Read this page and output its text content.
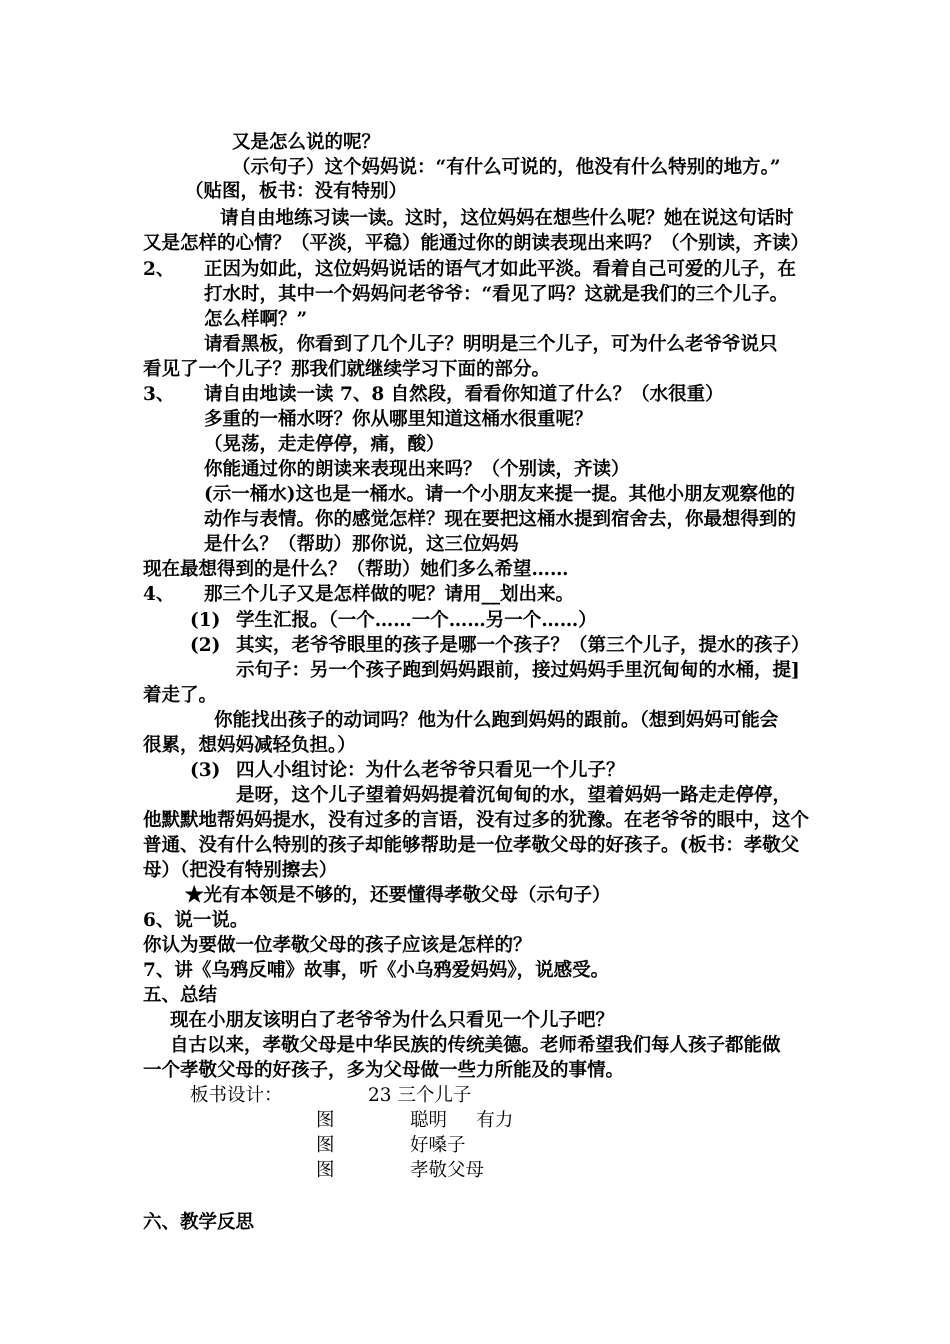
又是怎么说的呢？
（示句子）这个妈妈说：“有什么可说的，他没有什么特别的地方。”
（贴图，板书：没有特别）
请自由地练习读一读。这时，这位妈妈在想些什么呢？她在说这句话时
又是怎样的心情？（平淡，平稳）能通过你的朗读表现出来吗？（个别读，齐读）
2、 正因为如此，这位妈妈说话的语气才如此平淡。看着自己可爱的儿子，在
打水时，其中一个妈妈问老爷爷：“看见了吗？这就是我们的三个儿子。
怎么样啊？”
请看黑板，你看到了几个儿子？明明是三个儿子，可为什么老爷爷说只
看见了一个儿子？那我们就继续学习下面的部分。
3、 请自由地读一读 7、8 自然段，看看你知道了什么？（水很重）
多重的一桶水呀？你从哪里知道这桶水很重呢？
（晃荡，走走停停，痛，酸）
你能通过你的朗读来表现出来吗？（个别读，齐读）
(示一桶水)这也是一桶水。请一个小朋友来提一提。其他小朋友观察他的
动作与表情。你的感觉怎样？现在要把这桶水提到宿舍去，你最想得到的
是什么？（帮助）那你说，这三位妈妈
现在最想得到的是什么？（帮助）她们多么希望……
4、 那三个儿子又是怎样做的呢？请用__划出来。
(1) 学生汇报。（一个……一个……另一个……）
(2) 其实，老爷爷眼里的孩子是哪一个孩子？（第三个儿子，提水的孩子）
示句子：另一个孩子跑到妈妈跟前，接过妈妈手里沉甸甸的水桶，提]
着走了。
你能找出孩子的动词吗？他为什么跑到妈妈的跟前。（想到妈妈可能会
很累，想妈妈减轻负担。）
(3) 四人小组讨论：为什么老爷爷只看见一个儿子？
是呀，这个儿子望着妈妈提着沉甸甸的水，望着妈妈一路走走停停，
他默默地帮妈妈提水，没有过多的言语，没有过多的犹豫。在老爷爷的眼中，这个
普通、没有什么特别的孩子却能够帮助是一位孝敬父母的好孩子。(板书：孝敬父
母）（把没有特别擦去）
★光有本领是不够的，还要懂得孝敬父母（示句子）
6、说一说。
你认为要做一位孝敬父母的孩子应该是怎样的？
7、讲《乌鸦反哺》故事，听《小乌鸦爱妈妈》，说感受。
五、总结
现在小朋友该明白了老爷爷为什么只看见一个儿子吧？
自古以来，孝敬父母是中华民族的传统美德。老师希望我们每人孩子都能做
一个孝敬父母的好孩子，多为父母做一些力所能及的事情。
板书设计：	23 三个儿子
图	聪明     有力
图	好嗓子
图	孝敬父母
六、教学反思
